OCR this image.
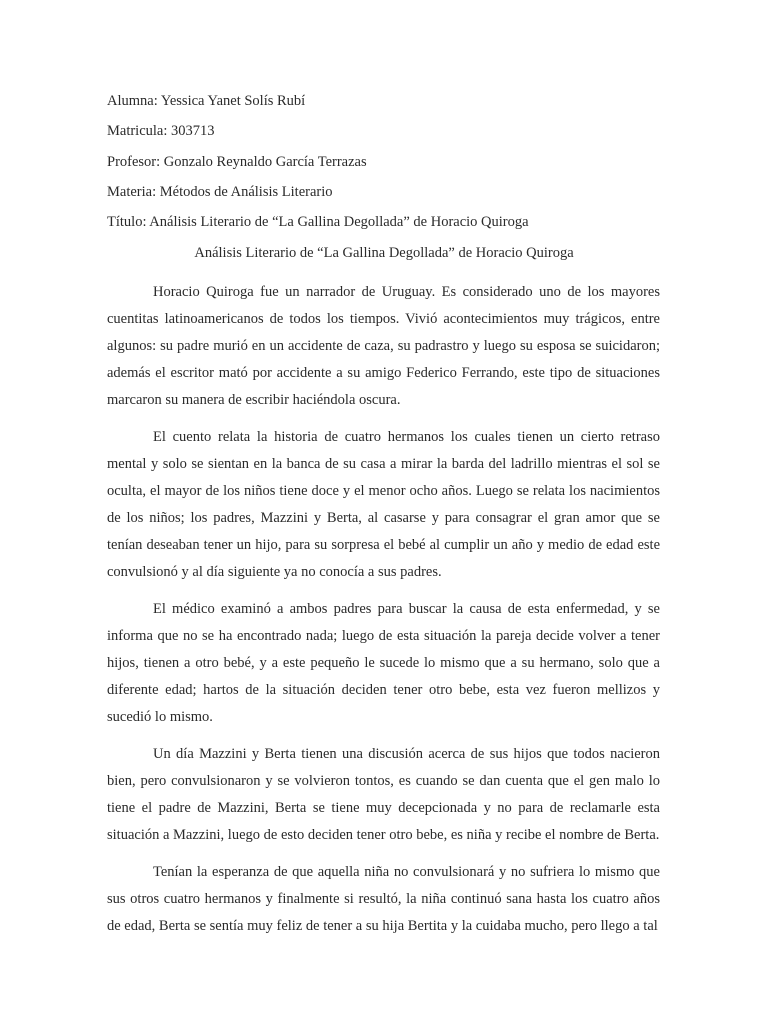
Alumna: Yessica Yanet Solís Rubí
Matricula: 303713
Profesor: Gonzalo Reynaldo García Terrazas
Materia: Métodos de Análisis Literario
Título: Análisis Literario de “La Gallina Degollada” de Horacio Quiroga
Análisis Literario de “La Gallina Degollada” de Horacio Quiroga

Horacio Quiroga fue un narrador de Uruguay. Es considerado uno de los mayores cuentitas latinoamericanos de todos los tiempos. Vivió acontecimientos muy trágicos, entre algunos: su padre murió en un accidente de caza, su padrastro y luego su esposa se suicidaron; además el escritor mató por accidente a su amigo Federico Ferrando, este tipo de situaciones marcaron su manera de escribir haciéndola oscura.

El cuento relata la historia de cuatro hermanos los cuales tienen un cierto retraso mental y solo se sientan en la banca de su casa a mirar la barda del ladrillo mientras el sol se oculta, el mayor de los niños tiene doce y el menor ocho años. Luego se relata los nacimientos de los niños; los padres, Mazzini y Berta, al casarse y para consagrar el gran amor que se tenían deseaban tener un hijo, para su sorpresa el bebé al cumplir un año y medio de edad este convulsionó y al día siguiente ya no conocía a sus padres.

El médico examinó a ambos padres para buscar la causa de esta enfermedad, y se informa que no se ha encontrado nada; luego de esta situación la pareja decide volver a tener hijos, tienen a otro bebé, y a este pequeño le sucede lo mismo que a su hermano, solo que a diferente edad; hartos de la situación deciden tener otro bebe, esta vez fueron mellizos y sucedió lo mismo.

Un día Mazzini y Berta tienen una discusión acerca de sus hijos que todos nacieron bien, pero convulsionaron y se volvieron tontos, es cuando se dan cuenta que el gen malo lo tiene el padre de Mazzini, Berta se tiene muy decepcionada y no para de reclamarle esta situación a Mazzini, luego de esto deciden tener otro bebe, es niña y recibe el nombre de Berta.

Tenían la esperanza de que aquella niña no convulsionará y no sufriera lo mismo que sus otros cuatro hermanos y finalmente si resultó, la niña continuó sana hasta los cuatro años de edad, Berta se sentía muy feliz de tener a su hija Bertita y la cuidaba mucho, pero llego a tal
